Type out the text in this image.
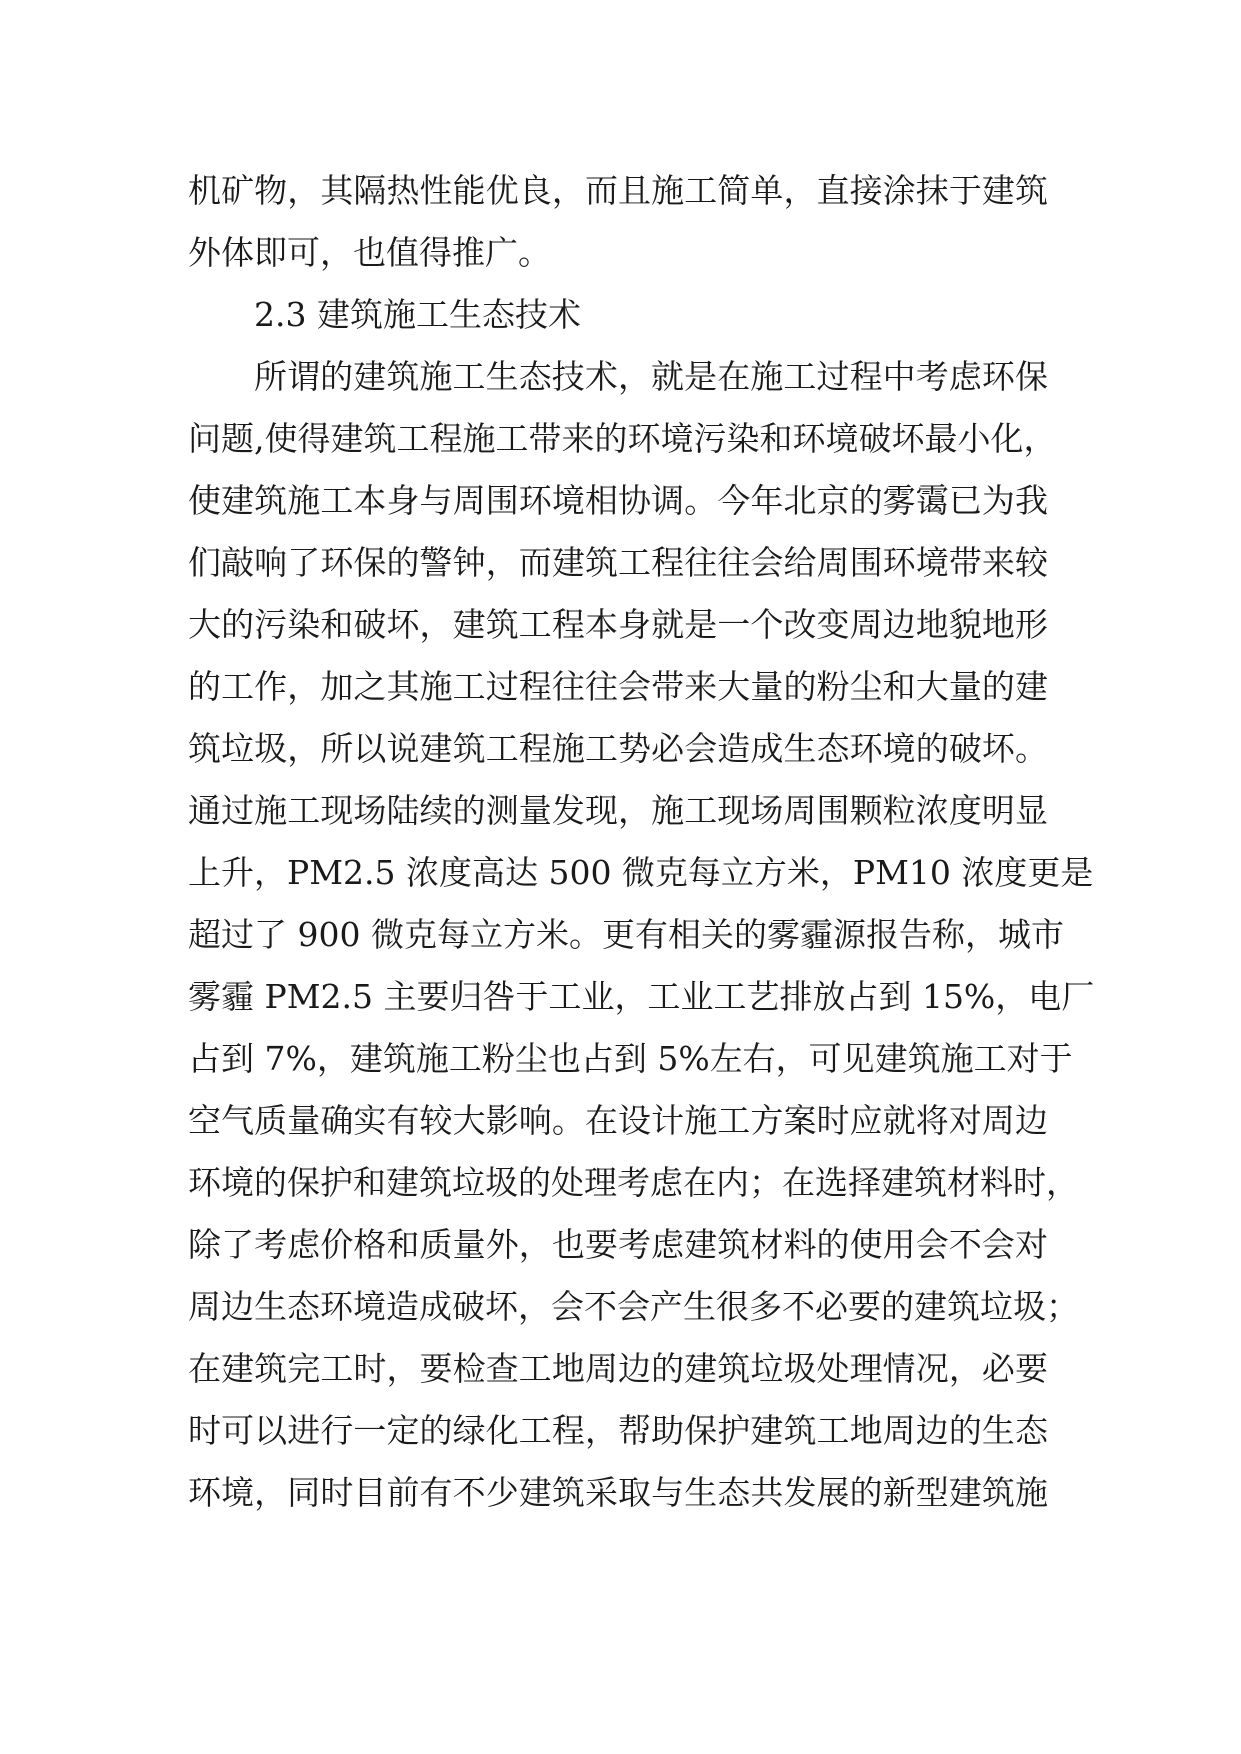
机矿物，其隔热性能优良，而且施工简单，直接涂抹于建筑
外体即可，也值得推广。
2.3 建筑施工生态技术
所谓的建筑施工生态技术，就是在施工过程中考虑环保
问题,使得建筑工程施工带来的环境污染和环境破坏最小化，
使建筑施工本身与周围环境相协调。今年北京的雾霭已为我
们敲响了环保的警钟，而建筑工程往往会给周围环境带来较
大的污染和破坏，建筑工程本身就是一个改变周边地貌地形
的工作，加之其施工过程往往会带来大量的粉尘和大量的建
筑垃圾，所以说建筑工程施工势必会造成生态环境的破坏。
通过施工现场陆续的测量发现，施工现场周围颗粒浓度明显
上升，PM2.5 浓度高达 500 微克每立方米，PM10 浓度更是
超过了 900 微克每立方米。更有相关的雾霾源报告称，城市
雾霾 PM2.5 主要归咎于工业，工业工艺排放占到 15%，电厂
占到 7%，建筑施工粉尘也占到 5%左右，可见建筑施工对于
空气质量确实有较大影响。在设计施工方案时应就将对周边
环境的保护和建筑垃圾的处理考虑在内；在选择建筑材料时，
除了考虑价格和质量外，也要考虑建筑材料的使用会不会对
周边生态环境造成破坏，会不会产生很多不必要的建筑垃圾；
在建筑完工时，要检查工地周边的建筑垃圾处理情况，必要
时可以进行一定的绿化工程，帮助保护建筑工地周边的生态
环境，同时目前有不少建筑采取与生态共发展的新型建筑施
